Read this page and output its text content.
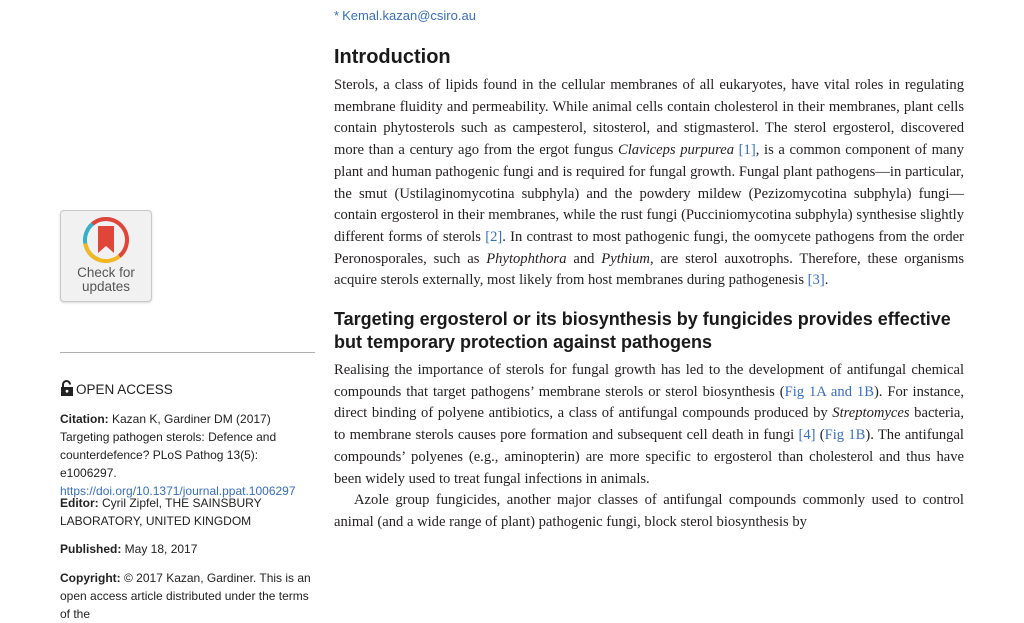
* Kemal.kazan@csiro.au
Introduction

Sterols, a class of lipids found in the cellular membranes of all eukaryotes, have vital roles in regulating membrane fluidity and permeability. While animal cells contain cholesterol in their membranes, plant cells contain phytosterols such as campesterol, sitosterol, and stigmasterol. The sterol ergosterol, discovered more than a century ago from the ergot fungus Claviceps purpurea [1], is a common component of many plant and human pathogenic fungi and is required for fungal growth. Fungal plant pathogens—in particular, the smut (Ustilaginomycotina subphyla) and the powdery mildew (Pezizomycotina subphyla) fungi—contain ergosterol in their membranes, while the rust fungi (Pucciniomycotina subphyla) synthesise slightly different forms of sterols [2]. In contrast to most pathogenic fungi, the oomycete pathogens from the order Peronosporales, such as Phytophthora and Pythium, are sterol auxotrophs. Therefore, these organisms acquire sterols externally, most likely from host membranes during pathogenesis [3].

Targeting ergosterol or its biosynthesis by fungicides provides effective but temporary protection against pathogens

Realising the importance of sterols for fungal growth has led to the development of antifungal chemical compounds that target pathogens’ membrane sterols or sterol biosynthesis (Fig 1A and 1B). For instance, direct binding of polyene antibiotics, a class of antifungal compounds produced by Streptomyces bacteria, to membrane sterols causes pore formation and subsequent cell death in fungi [4] (Fig 1B). The antifungal compounds’ polyenes (e.g., aminopterin) are more specific to ergosterol than cholesterol and thus have been widely used to treat fungal infections in animals.

Azole group fungicides, another major classes of antifungal compounds commonly used to control animal (and a wide range of plant) pathogenic fungi, block sterol biosynthesis by

Check for
updates
OPEN ACCESS
Citation: Kazan K, Gardiner DM (2017) Targeting pathogen sterols: Defence and counterdefence? PLoS Pathog 13(5): e1006297. https://doi.org/10.1371/journal.ppat.1006297
Editor: Cyril Zipfel, THE SAINSBURY LABORATORY, UNITED KINGDOM
Published: May 18, 2017
Copyright: © 2017 Kazan, Gardiner. This is an open access article distributed under the terms of the
